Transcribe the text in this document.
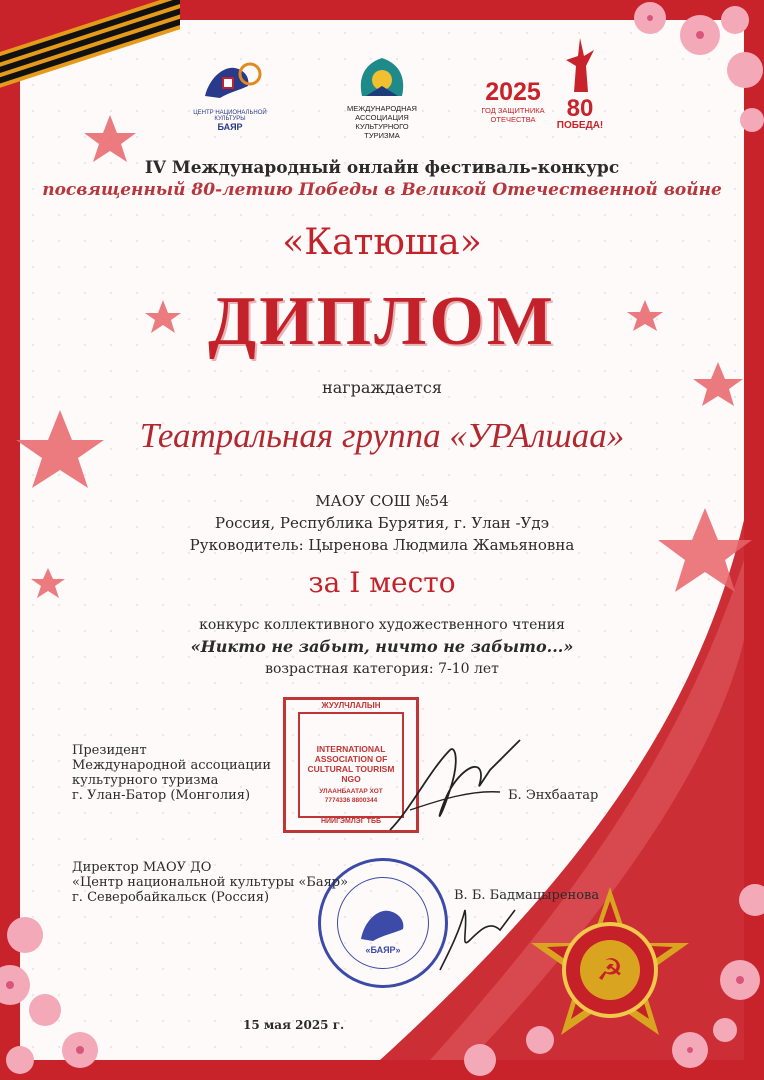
☭
ЦЕНТР НАЦИОНАЛЬНОЙ КУЛЬТУРЫ
БАЯР
МЕЖДУНАРОДНАЯ АССОЦИАЦИЯ КУЛЬТУРНОГО ТУРИЗМА
2025
ГОД ЗАЩИТНИКА ОТЕЧЕСТВА	80
ПОБЕДА!
IV Международный онлайн фестиваль-конкурс
посвященный 80-летию Победы в Великой Отечественной войне
«Катюша»
ДИПЛОМ
награждается
Театральная группа «УРАлшаа»
МАОУ СОШ №54
Россия, Республика Бурятия, г. Улан -Удэ
Руководитель: Цыренова Людмила Жамьяновна
за I место
конкурс коллективного художественного чтения
«Никто не забыт, ничто не забыто...»
возрастная категория: 7-10 лет
ЖУУЛЧЛАЛЫН
INTERNATIONAL
ASSOCIATION OF
CULTURAL TOURISM
NGO
УЛААНБААТАР ХОТ
7774336 8800344
НИЙГЭМЛЭГ ТББ
Президент
Международной ассоциации
культурного туризма
г. Улан-Батор (Монголия)	Б. Энхбаатар
«БАЯР»
Директор МАОУ ДО
«Центр национальной культуры «Баяр»
г. Северобайкальск (Россия)	В. Б. Бадмацыренова
15 мая 2025 г.
